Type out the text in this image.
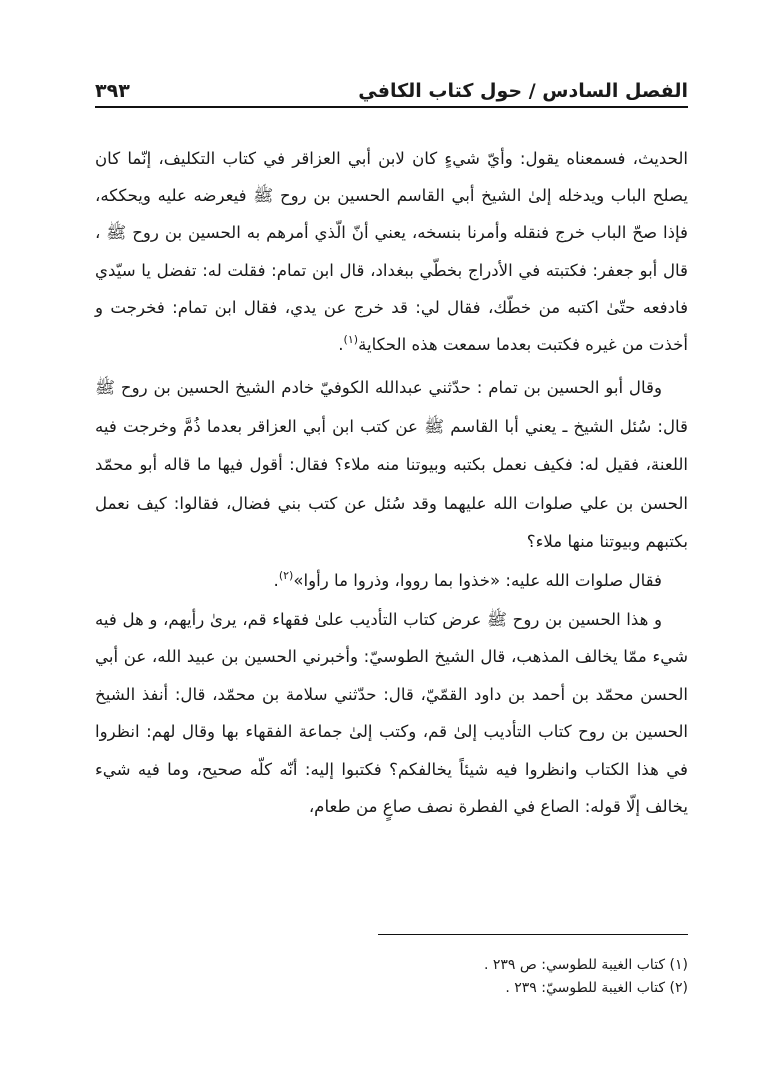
الفصل السادس / حول كتاب الكافي
٣٩٣

الحديث، فسمعناه يقول: وأيّ شيءٍ كان لابن أبي العزاقر في كتاب التكليف، إنّما كان يصلح الباب ويدخله إلىٰ الشيخ أبي القاسم الحسين بن روح ﷺ فيعرضه عليه ويحككه، فإذا صحّ الباب خرج فنقله وأمرنا بنسخه، يعني أنّ الّذي أمرهم به الحسين بن روح ﷺ ، قال أبو جعفر: فكتبته في الأدراج بخطّي ببغداد، قال ابن تمام: فقلت له: تفضل يا سيّدي فادفعه حتّىٰ اكتبه من خطّك، فقال لي: قد خرج عن يدي، فقال ابن تمام: فخرجت و أخذت من غيره فكتبت بعدما سمعت هذه الحكاية$^{(١)}$.

وقال أبو الحسين بن تمام : حدّثني عبدالله الكوفيّ خادم الشيخ الحسين بن روح ﷺ قال: سُئل الشيخ ـ يعني أبا القاسم ﷺ عن كتب ابن أبي العزاقر بعدما ذُمَّ وخرجت فيه اللعنة، فقيل له: فكيف نعمل بكتبه وبيوتنا منه ملاء؟ فقال: أقول فيها ما قاله أبو محمّد الحسن بن علي صلوات الله عليهما وقد سُئل عن كتب بني فضال، فقالوا: كيف نعمل بكتبهم وبيوتنا منها ملاء؟

فقال صلوات الله عليه: «خذوا بما رووا، وذروا ما رأوا»$^{(٢)}$.

و هذا الحسين بن روح ﷺ عرض كتاب التأديب علىٰ فقهاء قم، يرىٰ رأيهم، و هل فيه شيء ممّا يخالف المذهب، قال الشيخ الطوسيّ: وأخبرني الحسين بن عبيد الله، عن أبي الحسن محمّد بن أحمد بن داود القمّيّ، قال: حدّثني سلامة بن محمّد، قال: أنفذ الشيخ الحسين بن روح كتاب التأديب إلىٰ قم، وكتب إلىٰ جماعة الفقهاء بها وقال لهم: انظروا في هذا الكتاب وانظروا فيه شيئاً يخالفكم؟ فكتبوا إليه: أنّه كلّه صحيح، وما فيه شيء يخالف إلّا قوله: الصاع في الفطرة نصف صاعٍ من طعام،

(١) كتاب الغيبة للطوسي: ص ٢٣٩ .
(٢) كتاب الغيبة للطوسيّ: ٢٣٩ .
